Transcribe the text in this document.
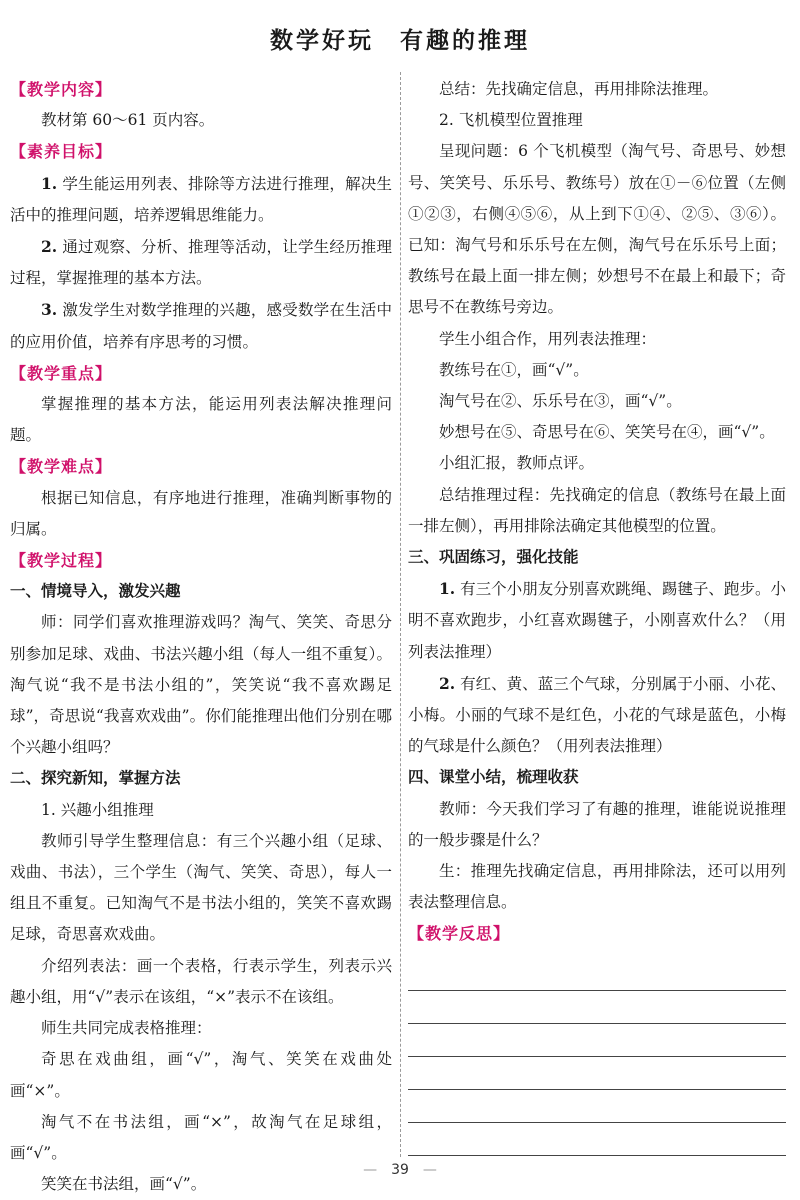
数学好玩　有趣的推理

【教学内容】

教材第 60～61 页内容。

【素养目标】

1. 学生能运用列表、排除等方法进行推理，解决生活中的推理问题，培养逻辑思维能力。

2. 通过观察、分析、推理等活动，让学生经历推理过程，掌握推理的基本方法。

3. 激发学生对数学推理的兴趣，感受数学在生活中的应用价值，培养有序思考的习惯。

【教学重点】

掌握推理的基本方法，能运用列表法解决推理问题。

【教学难点】

根据已知信息，有序地进行推理，准确判断事物的归属。

【教学过程】

一、情境导入，激发兴趣

师：同学们喜欢推理游戏吗？淘气、笑笑、奇思分别参加足球、戏曲、书法兴趣小组（每人一组不重复）。淘气说“我不是书法小组的”，笑笑说“我不喜欢踢足球”，奇思说“我喜欢戏曲”。你们能推理出他们分别在哪个兴趣小组吗？

二、探究新知，掌握方法

1. 兴趣小组推理

教师引导学生整理信息：有三个兴趣小组（足球、戏曲、书法），三个学生（淘气、笑笑、奇思），每人一组且不重复。已知淘气不是书法小组的，笑笑不喜欢踢足球，奇思喜欢戏曲。

介绍列表法：画一个表格，行表示学生，列表示兴趣小组，用“√”表示在该组，“×”表示不在该组。

师生共同完成表格推理：

奇思在戏曲组，画“√”，淘气、笑笑在戏曲处画“×”。

淘气不在书法组，画“×”，故淘气在足球组，画“√”。

笑笑在书法组，画“√”。

总结：先找确定信息，再用排除法推理。

2. 飞机模型位置推理

呈现问题：6 个飞机模型（淘气号、奇思号、妙想号、笑笑号、乐乐号、教练号）放在①－⑥位置（左侧①②③，右侧④⑤⑥，从上到下①④、②⑤、③⑥）。已知：淘气号和乐乐号在左侧，淘气号在乐乐号上面；教练号在最上面一排左侧；妙想号不在最上和最下；奇思号不在教练号旁边。

学生小组合作，用列表法推理：

教练号在①，画“√”。

淘气号在②、乐乐号在③，画“√”。

妙想号在⑤、奇思号在⑥、笑笑号在④，画“√”。

小组汇报，教师点评。

总结推理过程：先找确定的信息（教练号在最上面一排左侧），再用排除法确定其他模型的位置。

三、巩固练习，强化技能

1. 有三个小朋友分别喜欢跳绳、踢毽子、跑步。小明不喜欢跑步，小红喜欢踢毽子，小刚喜欢什么？（用列表法推理）

2. 有红、黄、蓝三个气球，分别属于小丽、小花、小梅。小丽的气球不是红色，小花的气球是蓝色，小梅的气球是什么颜色？（用列表法推理）

四、课堂小结，梳理收获

教师：今天我们学习了有趣的推理，谁能说说推理的一般步骤是什么？

生：推理先找确定信息，再用排除法，还可以用列表法整理信息。

【教学反思】

— 39 —
